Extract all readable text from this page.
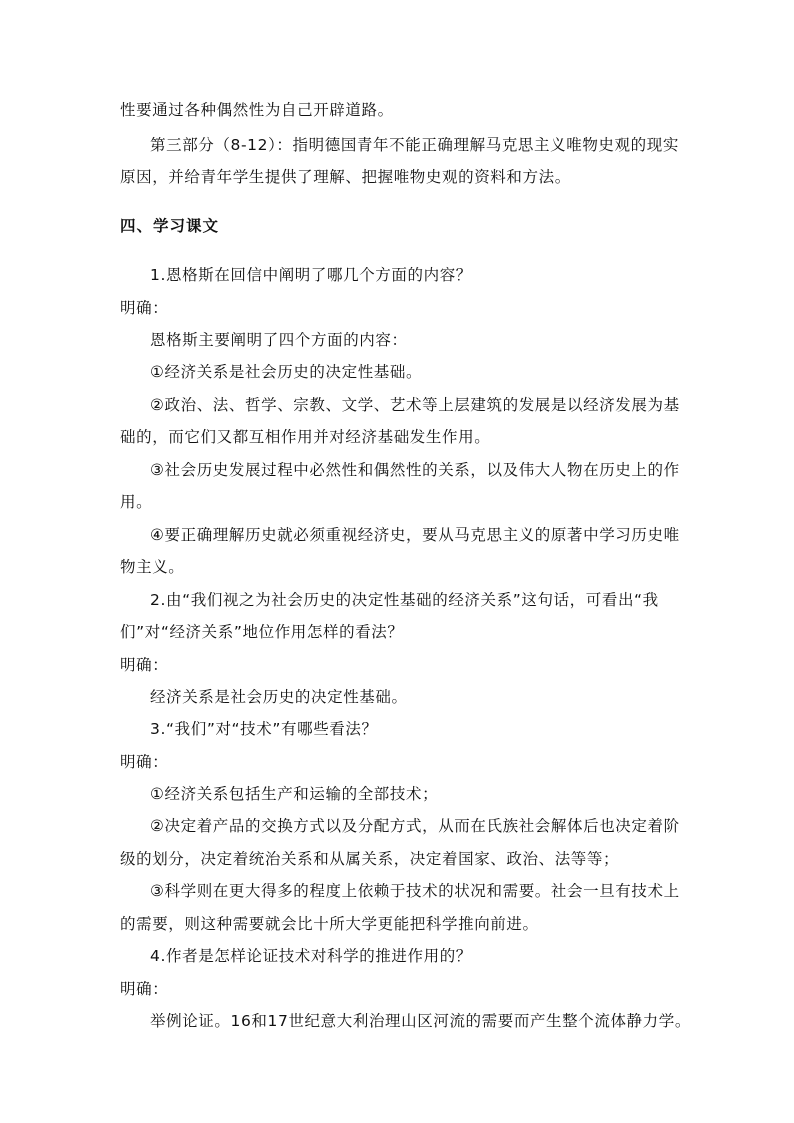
性要通过各种偶然性为自己开辟道路。
第三部分（8-12）：指明德国青年不能正确理解马克思主义唯物史观的现实
原因，并给青年学生提供了理解、把握唯物史观的资料和方法。
四、学习课文
1.恩格斯在回信中阐明了哪几个方面的内容？
明确：
恩格斯主要阐明了四个方面的内容：
①经济关系是社会历史的决定性基础。
②政治、法、哲学、宗教、文学、艺术等上层建筑的发展是以经济发展为基
础的，而它们又都互相作用并对经济基础发生作用。
③社会历史发展过程中必然性和偶然性的关系，以及伟大人物在历史上的作
用。
④要正确理解历史就必须重视经济史，要从马克思主义的原著中学习历史唯
物主义。
2.由“我们视之为社会历史的决定性基础的经济关系”这句话，可看出“我
们”对“经济关系”地位作用怎样的看法？
明确：
经济关系是社会历史的决定性基础。
3.“我们”对“技术”有哪些看法？
明确：
①经济关系包括生产和运输的全部技术；
②决定着产品的交换方式以及分配方式，从而在氏族社会解体后也决定着阶
级的划分，决定着统治关系和从属关系，决定着国家、政治、法等等；
③科学则在更大得多的程度上依赖于技术的状况和需要。社会一旦有技术上
的需要，则这种需要就会比十所大学更能把科学推向前进。
4.作者是怎样论证技术对科学的推进作用的？
明确：
举例论证。16和17世纪意大利治理山区河流的需要而产生整个流体静力学。
